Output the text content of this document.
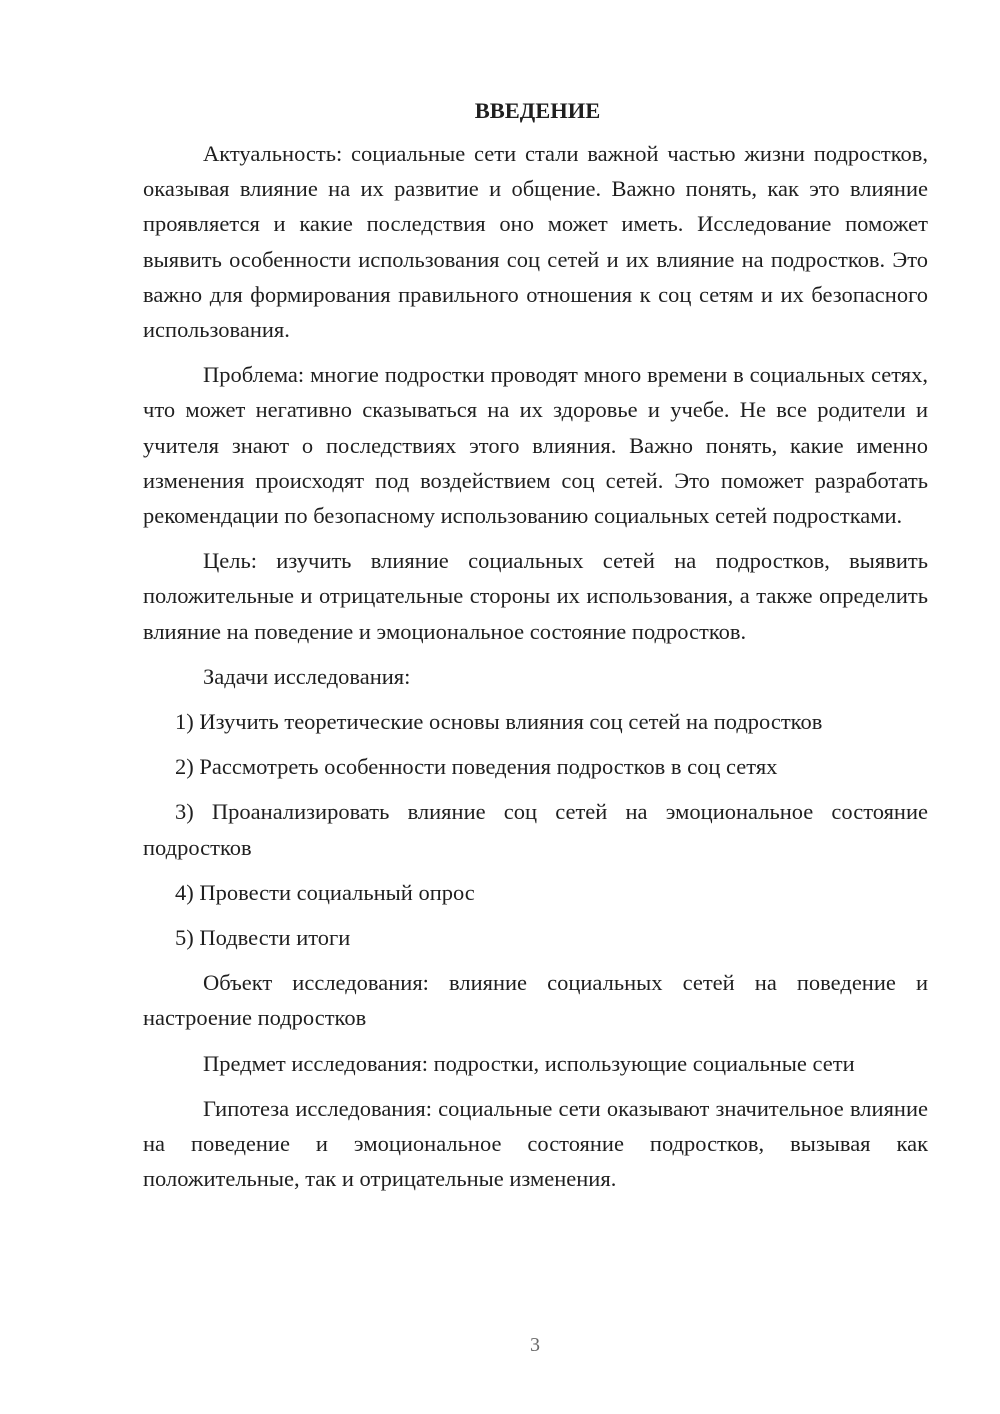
ВВЕДЕНИЕ

Актуальность: социальные сети стали важной частью жизни подростков, оказывая влияние на их развитие и общение. Важно понять, как это влияние проявляется и какие последствия оно может иметь. Исследование поможет выявить особенности использования соц сетей и их влияние на подростков. Это важно для формирования правильного отношения к соц сетям и их безопасного использования.

Проблема: многие подростки проводят много времени в социальных сетях, что может негативно сказываться на их здоровье и учебе. Не все родители и учителя знают о последствиях этого влияния. Важно понять, какие именно изменения происходят под воздействием соц сетей. Это поможет разработать рекомендации по безопасному использованию социальных сетей подростками.

Цель: изучить влияние социальных сетей на подростков, выявить положительные и отрицательные стороны их использования, а также определить влияние на поведение и эмоциональное состояние подростков.

Задачи исследования:

1) Изучить теоретические основы влияния соц сетей на подростков

2) Рассмотреть особенности поведения подростков в соц сетях

3) Проанализировать влияние соц сетей на эмоциональное состояние подростков

4) Провести социальный опрос

5) Подвести итоги

Объект исследования: влияние социальных сетей на поведение и настроение подростков

Предмет исследования: подростки, использующие социальные сети

Гипотеза исследования: социальные сети оказывают значительное влияние на поведение и эмоциональное состояние подростков, вызывая как положительные, так и отрицательные изменения.

3
